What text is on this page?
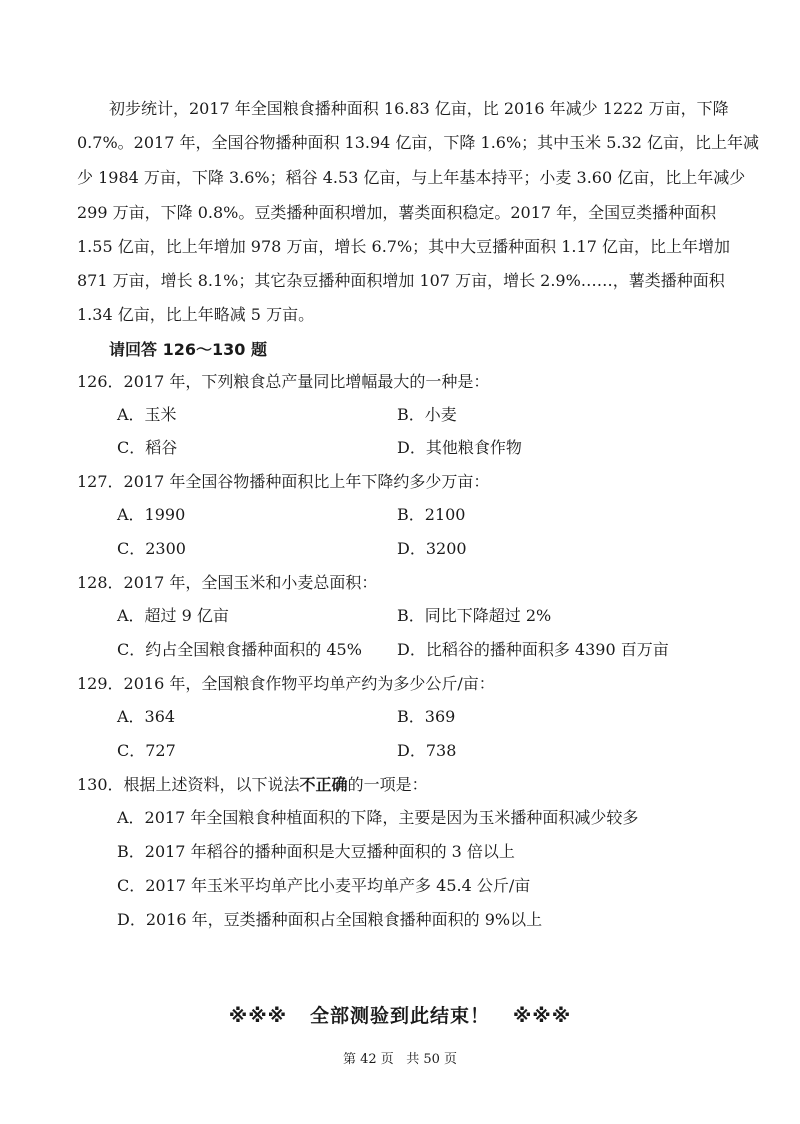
初步统计，2017 年全国粮食播种面积 16.83 亿亩，比 2016 年减少 1222 万亩，下降
0.7%。2017 年，全国谷物播种面积 13.94 亿亩，下降 1.6%；其中玉米 5.32 亿亩，比上年减
少 1984 万亩，下降 3.6%；稻谷 4.53 亿亩，与上年基本持平；小麦 3.60 亿亩，比上年减少
299 万亩，下降 0.8%。豆类播种面积增加，薯类面积稳定。2017 年，全国豆类播种面积
1.55 亿亩，比上年增加 978 万亩，增长 6.7%；其中大豆播种面积 1.17 亿亩，比上年增加
871 万亩，增长 8.1%；其它杂豆播种面积增加 107 万亩，增长 2.9%……，薯类播种面积
1.34 亿亩，比上年略减 5 万亩。
请回答 126～130 题
126．2017 年，下列粮食总产量同比增幅最大的一种是：
A．玉米	B．小麦
C．稻谷	D．其他粮食作物
127．2017 年全国谷物播种面积比上年下降约多少万亩：
A．1990	B．2100
C．2300	D．3200
128．2017 年，全国玉米和小麦总面积：
A．超过 9 亿亩	B．同比下降超过 2%
C．约占全国粮食播种面积的 45% D．比稻谷的播种面积多 4390 百万亩
129．2016 年，全国粮食作物平均单产约为多少公斤/亩：
A．364	B．369
C．727	D．738
130．根据上述资料，以下说法不正确的一项是：
A．2017 年全国粮食种植面积的下降，主要是因为玉米播种面积减少较多
B．2017 年稻谷的播种面积是大豆播种面积的 3 倍以上
C．2017 年玉米平均单产比小麦平均单产多 45.4 公斤/亩
D．2016 年，豆类播种面积占全国粮食播种面积的 9%以上
※※※   全部测验到此结束！   ※※※
第 42 页   共 50 页
